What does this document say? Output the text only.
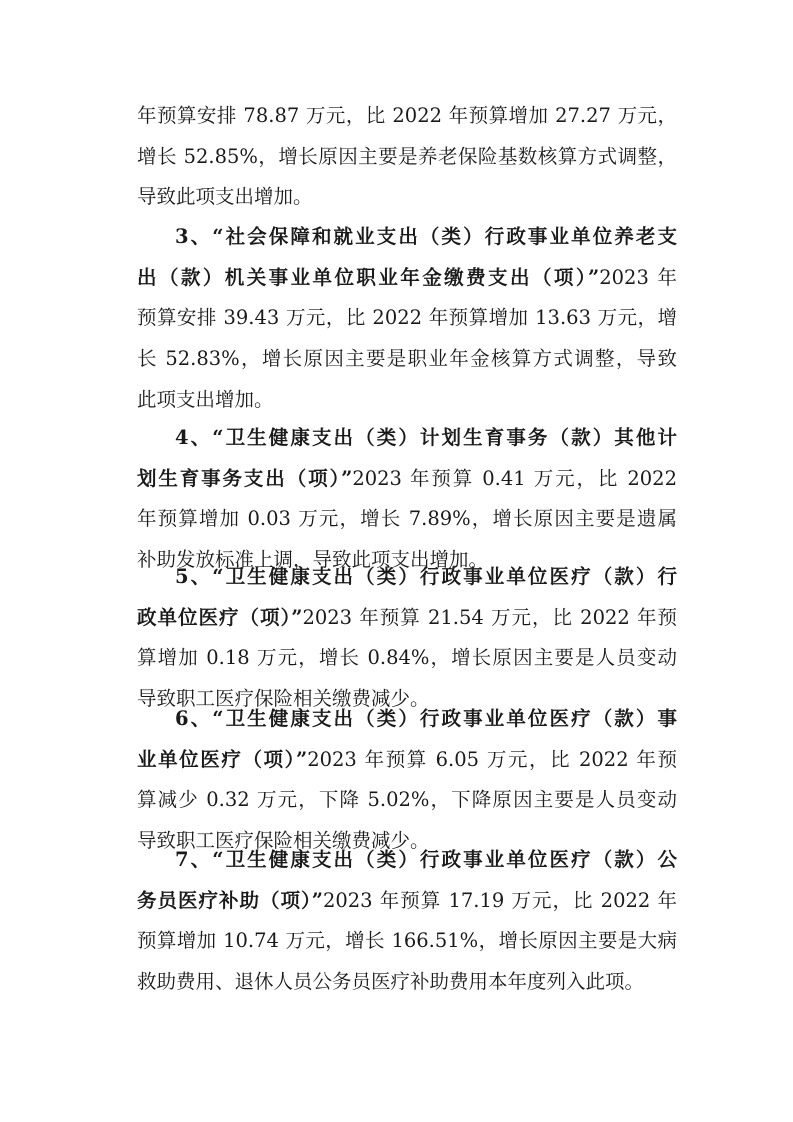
年预算安排 78.87 万元，比 2022 年预算增加 27.27 万元，
增长 52.85%，增长原因主要是养老保险基数核算方式调整，
导致此项支出增加。
3、“社会保障和就业支出（类）行政事业单位养老支
出（款）机关事业单位职业年金缴费支出（项）”2023 年
预算安排 39.43 万元，比 2022 年预算增加 13.63 万元，增
长 52.83%，增长原因主要是职业年金核算方式调整，导致
此项支出增加。
4、“卫生健康支出（类）计划生育事务（款）其他计
划生育事务支出（项）”2023 年预算 0.41 万元，比 2022
年预算增加 0.03 万元，增长 7.89%，增长原因主要是遗属
补助发放标准上调，导致此项支出增加。
5、“卫生健康支出（类）行政事业单位医疗（款）行
政单位医疗（项）”2023 年预算 21.54 万元，比 2022 年预
算增加 0.18 万元，增长 0.84%，增长原因主要是人员变动
导致职工医疗保险相关缴费减少。
6、“卫生健康支出（类）行政事业单位医疗（款）事
业单位医疗（项）”2023 年预算 6.05 万元，比 2022 年预
算减少 0.32 万元，下降 5.02%，下降原因主要是人员变动
导致职工医疗保险相关缴费减少。
7、“卫生健康支出（类）行政事业单位医疗（款）公
务员医疗补助（项）”2023 年预算 17.19 万元，比 2022 年
预算增加 10.74 万元，增长 166.51%，增长原因主要是大病
救助费用、退休人员公务员医疗补助费用本年度列入此项。
